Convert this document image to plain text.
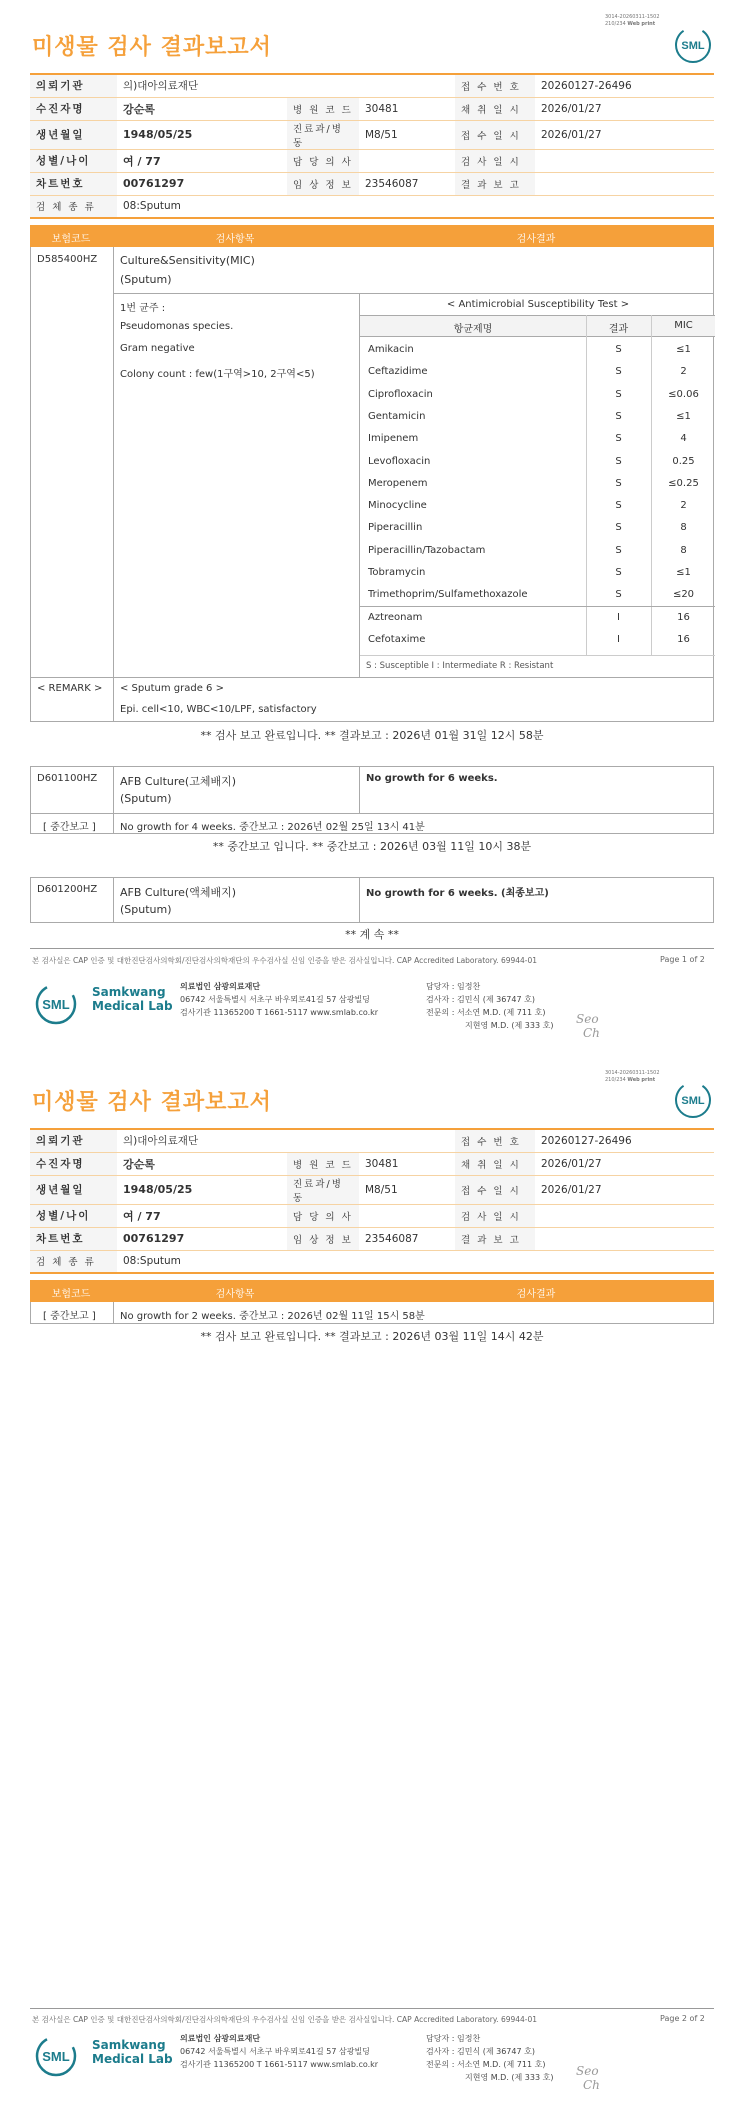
3014-20260311-1502
210/234 Web print
SML
미생물 검사 결과보고서
의뢰기관	의)대아의료재단			접 수 번 호	20260127-26496
수진자명	강순록	병 원 코 드	30481	채 취 일 시	2026/01/27
생년월일	1948/05/25	진료과/병동	M8/51	접 수 일 시	2026/01/27
성별/나이	여 / 77	담 당 의 사		검 사 일 시	
차트번호	00761297	임 상 정 보	23546087	결 과 보 고	
검 체 종 류	08:Sputum				
보험코드	검사항목	검사결과
D585400HZ Culture&Sensitivity(MIC)
(Sputum)
1번 균주 :
Pseudomonas species.
Gram negative
Colony count : few(1구역>10, 2구역<5)
< Antimicrobial Susceptibility Test >
항균제명	결과	MIC
Amikacin	S	≤1
Ceftazidime	S	2
Ciprofloxacin	S	≤0.06
Gentamicin	S	≤1
Imipenem	S	4
Levofloxacin	S	0.25
Meropenem	S	≤0.25
Minocycline	S	2
Piperacillin	S	8
Piperacillin/Tazobactam	S	8
Tobramycin	S	≤1
Trimethoprim/Sulfamethoxazole	S	≤20
Aztreonam	I	16
Cefotaxime	I	16
S : Susceptible I : Intermediate R : Resistant
< REMARK > < Sputum grade 6 >
Epi. cell<10, WBC<10/LPF, satisfactory
** 검사 보고 완료입니다. ** 결과보고 : 2026년 01월 31일 12시 58분
D601100HZ AFB Culture(고체배지)
(Sputum)
No growth for 6 weeks.
[ 중간보고 ] No growth for 4 weeks. 중간보고 : 2026년 02월 25일 13시 41분
** 중간보고 입니다. ** 중간보고 : 2026년 03월 11일 10시 38분
D601200HZ AFB Culture(액체배지)
(Sputum)
No growth for 6 weeks. (최종보고)
** 계 속 **
본 검사실은 CAP 인증 및 대한진단검사의학회/진단검사의학재단의 우수검사실 신임 인증을 받은 검사실입니다. CAP Accredited Laboratory. 69944-01	Page 1 of 2
SML
Samkwang
Medical Lab
의료법인 삼광의료재단
06742 서울특별시 서초구 바우뫼로41길 57 삼광빌딩
검사기관 11365200 T 1661-5117 www.smlab.co.kr
담당자 : 임정찬
검사자 : 김민식 (제 36747 호)
전문의 : 서소연 M.D. (제 711 호)
지현영 M.D. (제 333 호) Seo
Ch
3014-20260311-1502
210/234 Web print
SML
미생물 검사 결과보고서
의뢰기관	의)대아의료재단			접 수 번 호	20260127-26496
수진자명	강순록	병 원 코 드	30481	채 취 일 시	2026/01/27
생년월일	1948/05/25	진료과/병동	M8/51	접 수 일 시	2026/01/27
성별/나이	여 / 77	담 당 의 사		검 사 일 시	
차트번호	00761297	임 상 정 보	23546087	결 과 보 고	
검 체 종 류	08:Sputum				
보험코드	검사항목	검사결과
[ 중간보고 ] No growth for 2 weeks. 중간보고 : 2026년 02월 11일 15시 58분
** 검사 보고 완료입니다. ** 결과보고 : 2026년 03월 11일 14시 42분
본 검사실은 CAP 인증 및 대한진단검사의학회/진단검사의학재단의 우수검사실 신임 인증을 받은 검사실입니다. CAP Accredited Laboratory. 69944-01	Page 2 of 2
SML
Samkwang
Medical Lab
의료법인 삼광의료재단
06742 서울특별시 서초구 바우뫼로41길 57 삼광빌딩
검사기관 11365200 T 1661-5117 www.smlab.co.kr
담당자 : 임정찬
검사자 : 김민식 (제 36747 호)
전문의 : 서소연 M.D. (제 711 호)
지현영 M.D. (제 333 호) Seo
Ch
